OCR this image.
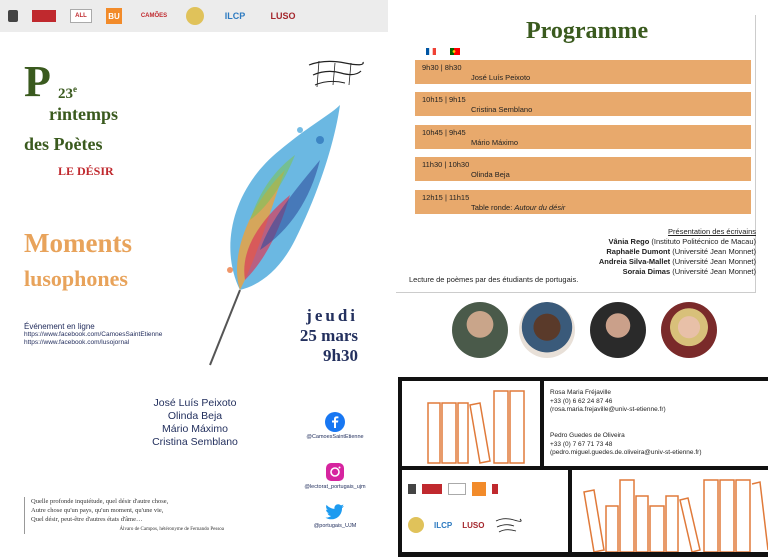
ALL	BU	CAMÕES	ILCP	LUSO
P 23e
rintemps
des Poètes
LE DÉSIR
Moments
lusophones
Événement en ligne
https://www.facebook.com/CamoesSaintEtienne
https://www.facebook.com/lusojornal
jeudi
25 mars
9h30
José Luís Peixoto
Olinda Beja
Mário Máximo
Cristina Semblano	@CamoesSaintEtienne
@lectorat_portugais_ujm
@portugais_UJM
Quelle profonde inquiétude, quel désir d'autre chose,
Autre chose qu'un pays, qu'un moment, qu'une vie,
Quel désir, peut-être d'autres états d'âme…
Álvaro de Campos, hétéronyme de Fernando Pessoa
Programme
9h30 | 8h30
José Luís Peixoto
10h15 | 9h15
Cristina Semblano
10h45 | 9h45
Mário Máximo
11h30 | 10h30
Olinda Beja
12h15 | 11h15
Table ronde: Autour du désir
Présentation des écrivains
Vânia Rego (Instituto Politécnico de Macau)
Raphaële Dumont (Université Jean Monnet)
Andreia Silva-Mallet (Université Jean Monnet)
Soraia Dimas (Université Jean Monnet)
Lecture de poèmes par des étudiants de portugais.
ILCP LUSO
Rosa Maria Fréjaville
+33 (0) 6 62 24 87 46
(rosa.maria.frejaville@univ-st-etienne.fr)
Pedro Guedes de Oliveira
+33 (0) 7 67 71 73 48
(pedro.miguel.guedes.de.oliveira@univ-st-etienne.fr)
